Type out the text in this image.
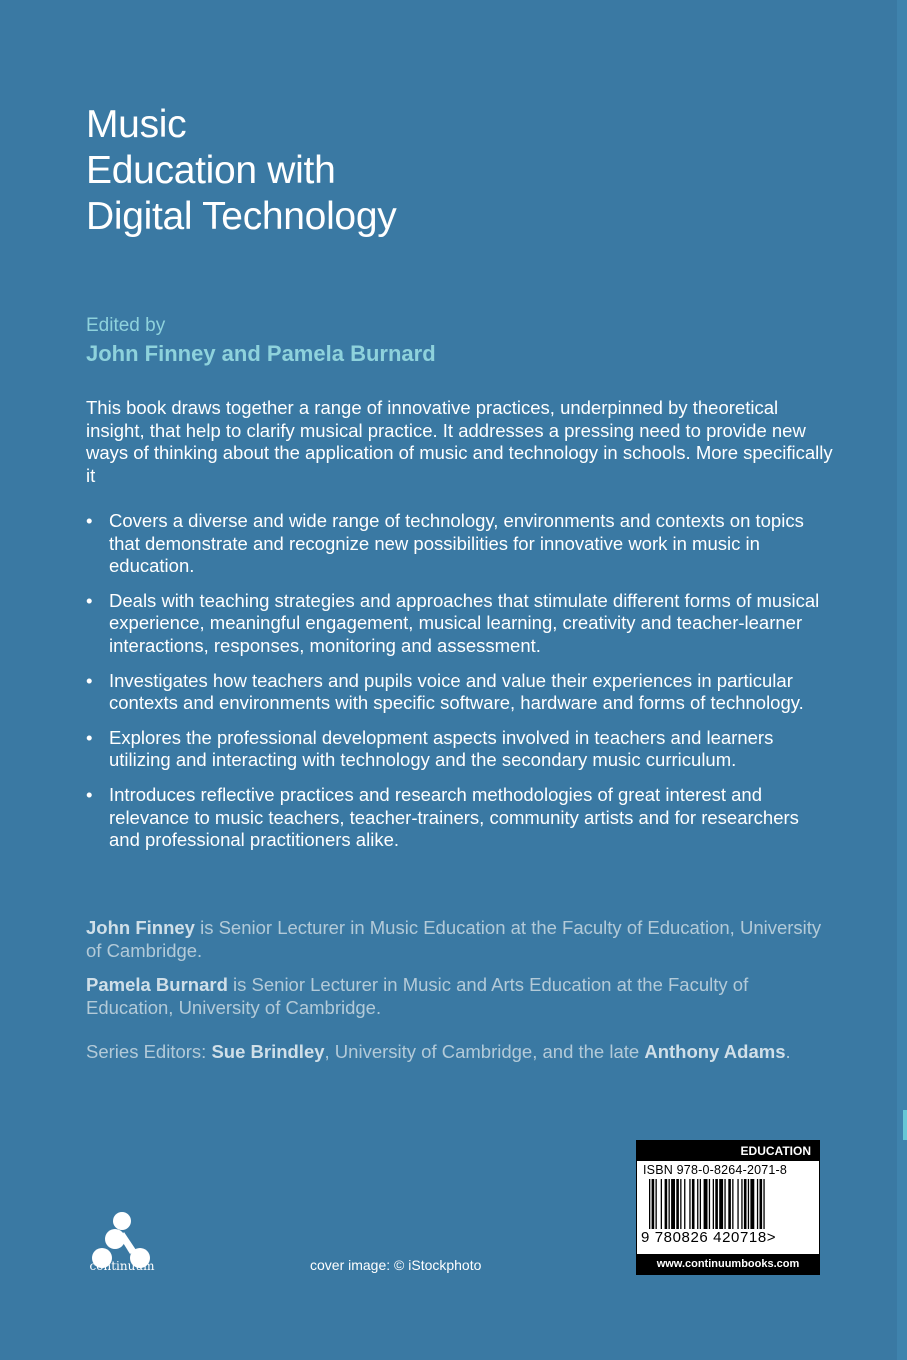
Music
Education with
Digital Technology
Edited by
John Finney and Pamela Burnard
This book draws together a range of innovative practices, underpinned by theoretical insight, that help to clarify musical practice. It addresses a pressing need to provide new ways of thinking about the application of music and technology in schools. More specifically it
• Covers a diverse and wide range of technology, environments and contexts on topics that demonstrate and recognize new possibilities for innovative work in music in education.
• Deals with teaching strategies and approaches that stimulate different forms of musical experience, meaningful engagement, musical learning, creativity and teacher-learner interactions, responses, monitoring and assessment.
• Investigates how teachers and pupils voice and value their experiences in particular contexts and environments with specific software, hardware and forms of technology.
• Explores the professional development aspects involved in teachers and learners utilizing and interacting with technology and the secondary music curriculum.
• Introduces reflective practices and research methodologies of great interest and relevance to music teachers, teacher-trainers, community artists and for researchers and professional practitioners alike.
John Finney is Senior Lecturer in Music Education at the Faculty of Education, University of Cambridge.
Pamela Burnard is Senior Lecturer in Music and Arts Education at the Faculty of Education, University of Cambridge.
Series Editors: Sue Brindley, University of Cambridge, and the late Anthony Adams.
continuum	cover image: © iStockphoto
EDUCATION
ISBN 978-0-8264-2071-8
9 780826 420718>
www.continuumbooks.com
